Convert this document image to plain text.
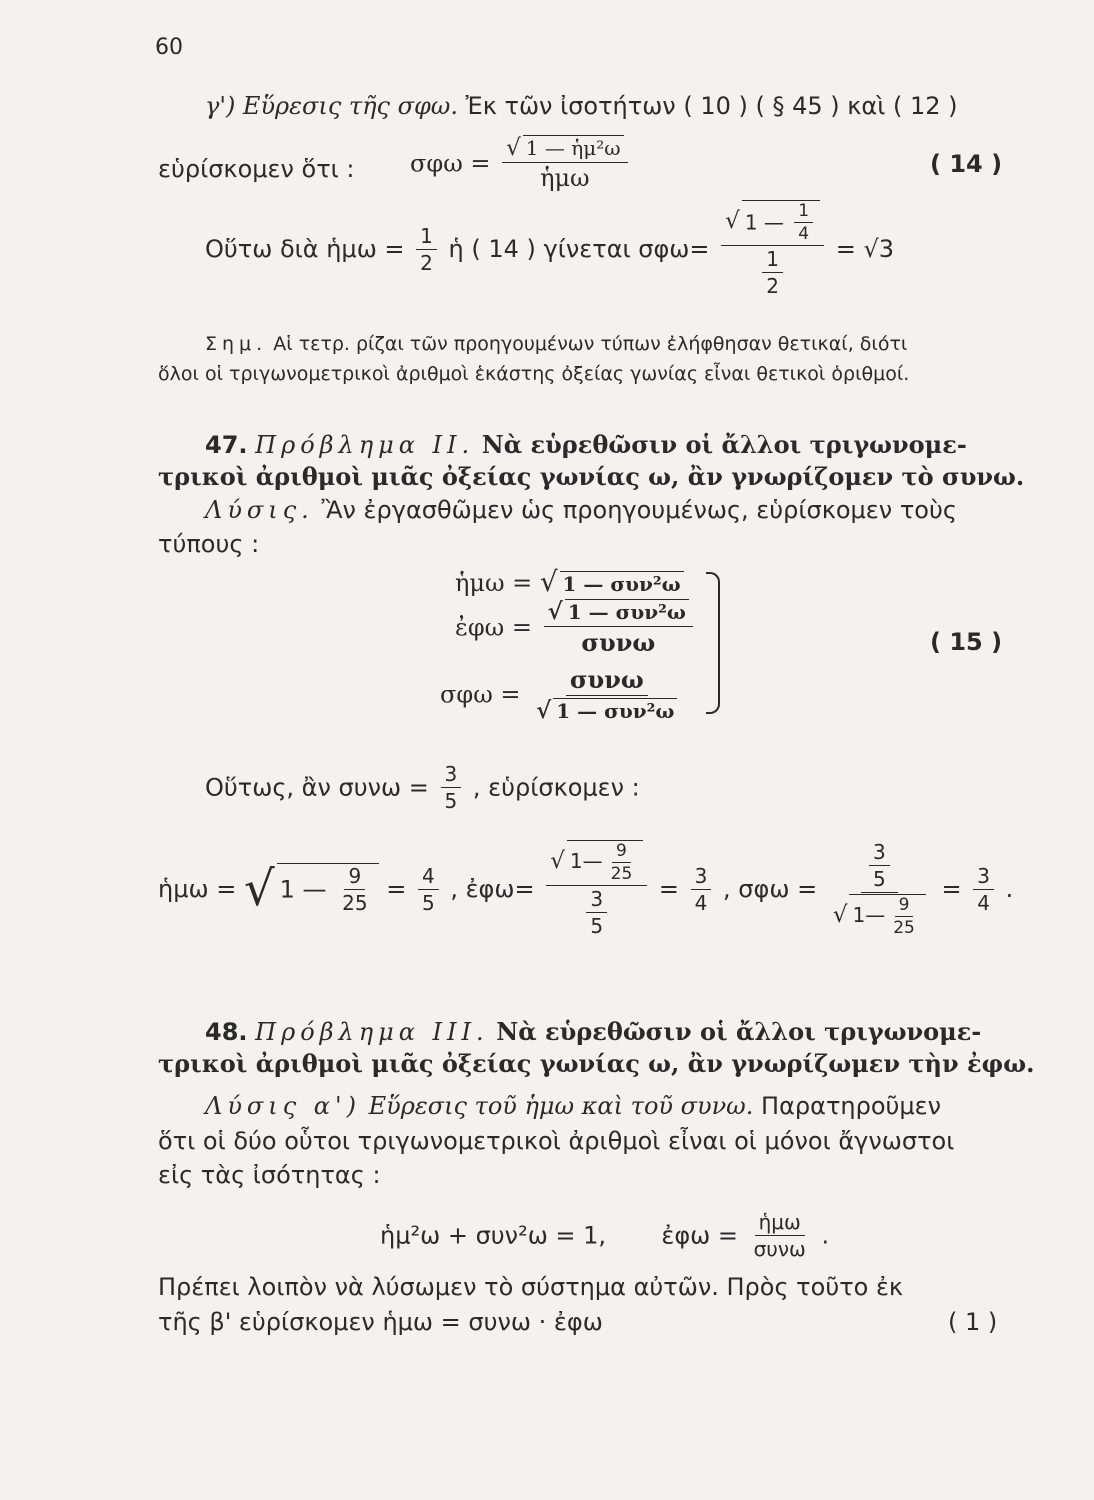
60
γ') Εὕρεσις τῆς σφω. Ἐκ τῶν ἰσοτήτων ( 10 ) ( § 45 ) καὶ ( 12 )
εὑρίσκομεν ὅτι : $\sigma\varphi\omega = \frac{\text{√ 1 — ἡμ²ω}}{\text{ἡμω}}$	( 14 )
Οὕτω διὰ ἡμω = $\frac{1}{2}$ ἡ ( 14 ) γίνεται $\sigma\varphi\omega= \frac{√ 1 — \frac{1}{4}}{\frac{1}{2}} = √3$
Σημ. Αἱ τετρ. ρίζαι τῶν προηγουμένων τύπων ἐλήφθησαν θετικαί, διότι
ὅλοι οἱ τριγωνομετρικοὶ ἀριθμοὶ ἑκάστης ὀξείας γωνίας εἶναι θετικοὶ ὁριθμοί.
47. Πρόβλημα ΙΙ. Νὰ εὑρεθῶσιν οἱ ἄλλοι τριγωνομε-
τρικοὶ ἀριθμοὶ μιᾶς ὀξείας γωνίας ω, ἂν γνωρίζομεν τὸ συνω.
Λύσις. Ἂν ἐργασθῶμεν ὡς προηγουμένως, εὑρίσκομεν τοὺς
τύπους :
ἡμω = √ 1 — συν²ω
ἐφω = $\frac{\text{√ 1 — συν²ω}}{\text{συνω}}$
$\sigma\varphi\omega = \frac{\text{συνω}}{\text{√ 1 — συν²ω}}$
( 15 )
Οὕτως, ἂν $\sigma\upsilon\nu\omega = \frac{3}{5}$ , εὑρίσκομεν :
ἡμω = √ 1 — $\frac{9}{25} = \frac{4}{5}$ , ἐφω= $\frac{√ 1— \frac{9}{25}}{\frac{3}{5}} = \frac{3}{4}$ , $\sigma\varphi\omega = \frac{\frac{3}{5}}{√ 1— \frac{9}{25}} = \frac{3}{4}$ .
48. Πρόβλημα ΙΙΙ. Νὰ εὑρεθῶσιν οἱ ἄλλοι τριγωνομε-
τρικοὶ ἀριθμοὶ μιᾶς ὀξείας γωνίας ω, ἂν γνωρίζωμεν τὴν ἐφω.
Λύσις α') Εὕρεσις τοῦ ἡμω καὶ τοῦ συνω. Παρατηροῦμεν
ὅτι οἱ δύο οὗτοι τριγωνομετρικοὶ ἀριθμοὶ εἶναι οἱ μόνοι ἄγνωστοι
εἰς τὰς ἰσότητας :
ἡμ²ω + συν²ω = 1, ἐφω = $\frac{\text{ἡμω}}{\text{συνω}}$ .
Πρέπει λοιπὸν νὰ λύσωμεν τὸ σύστημα αὐτῶν. Πρὸς τοῦτο ἐκ
τῆς β' εὑρίσκομεν ἡμω = συνω · ἐφω	( 1 )
